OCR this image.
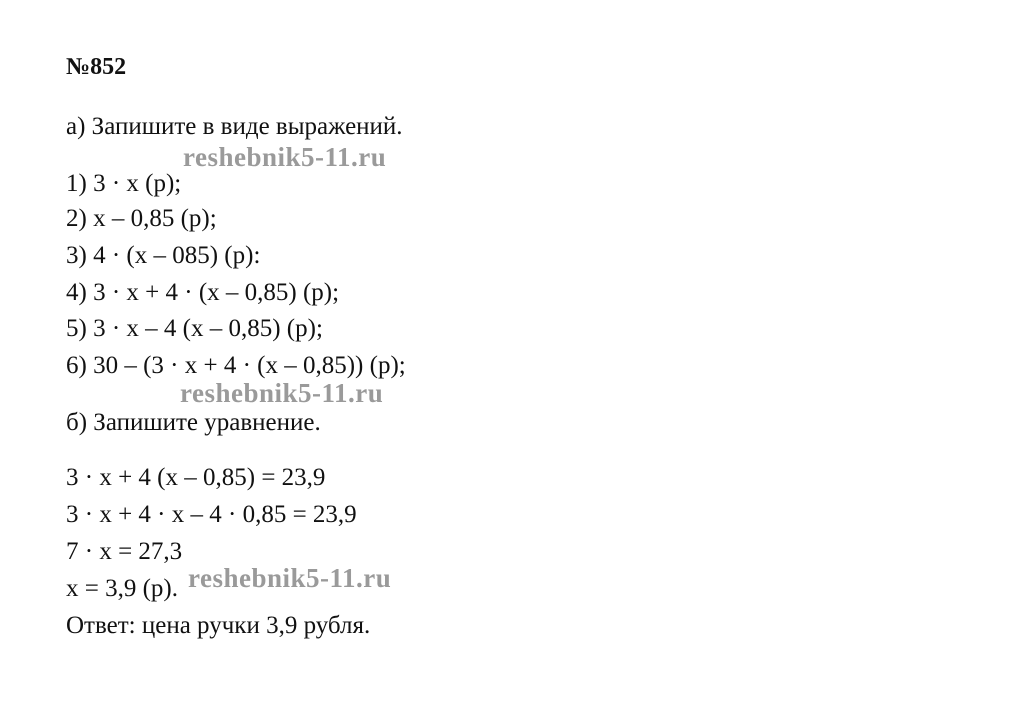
№852
а) Запишите в виде выражений.
1) 3 · x (р);
2) x – 0,85 (р);
3) 4 · (x – 085) (р):
4) 3 · x + 4 · (x – 0,85) (р);
5) 3 · x – 4 (x – 0,85) (р);
6) 30 – (3 · x + 4 · (x – 0,85)) (р);
б) Запишите уравнение.
3 · x + 4 (x – 0,85) = 23,9
3 · x + 4 · x – 4 · 0,85 = 23,9
7 · x = 27,3
x = 3,9 (р).
Ответ: цена ручки 3,9 рубля.
reshebnik5-11.ru
reshebnik5-11.ru
reshebnik5-11.ru
